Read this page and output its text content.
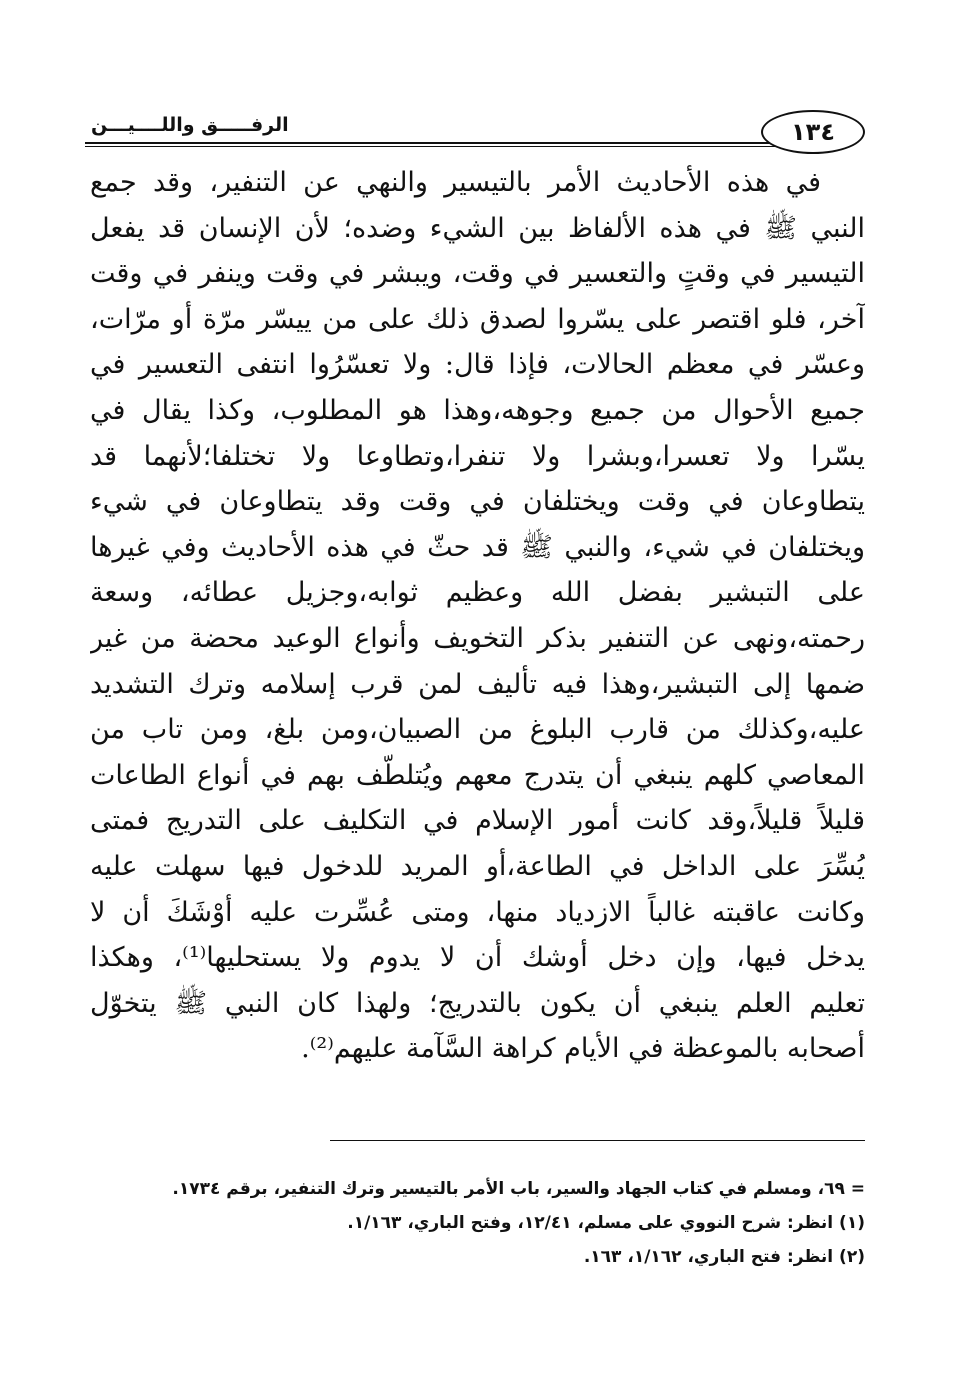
١٣٤
الرفـــــق واللــــيـــن
في هذه الأحاديث الأمر بالتيسير والنهي عن التنفير، وقد جمع
النبي ﷺ في هذه الألفاظ بين الشيء وضده؛ لأن الإنسان قد يفعل
التيسير في وقتٍ والتعسير في وقت، ويبشر في وقت وينفر في وقت
آخر، فلو اقتصر على يسّروا لصدق ذلك على من ييسّر مرّة أو مرّات،
وعسّر في معظم الحالات، فإذا قال: ولا تعسّرُوا انتفى التعسير في
جميع الأحوال من جميع وجوهه،وهذا هو المطلوب، وكذا يقال في
يسّرا ولا تعسرا،وبشرا ولا تنفرا،وتطاوعا ولا تختلفا؛لأنهما قد
يتطاوعان في وقت ويختلفان في وقت وقد يتطاوعان في شيء
ويختلفان في شيء، والنبي ﷺ قد حثّ في هذه الأحاديث وفي غيرها
على التبشير بفضل الله وعظيم ثوابه،وجزيل عطائه، وسعة
رحمته،ونهى عن التنفير بذكر التخويف وأنواع الوعيد محضة من غير
ضمها إلى التبشير،وهذا فيه تأليف لمن قرب إسلامه وترك التشديد
عليه،وكذلك من قارب البلوغ من الصبيان،ومن بلغ، ومن تاب من
المعاصي كلهم ينبغي أن يتدرج معهم ويُتلطّف بهم في أنواع الطاعات
قليلاً قليلاً،وقد كانت أمور الإسلام في التكليف على التدريج فمتى
يُسِّرَ على الداخل في الطاعة،أو المريد للدخول فيها سهلت عليه
وكانت عاقبته غالباً الازدياد منها، ومتى عُسِّرت عليه أوْشَكَ أن لا
يدخل فيها، وإن دخل أوشك أن لا يدوم ولا يستحليها⁽¹⁾، وهكذا
تعليم العلم ينبغي أن يكون بالتدريج؛ ولهذا كان النبي ﷺ يتخوّل
أصحابه بالموعظة في الأيام كراهة السَّآمة عليهم⁽²⁾.
= ٦٩، ومسلم في كتاب الجهاد والسير، باب الأمر بالتيسير وترك التنفير، برقم ١٧٣٤.
(١) انظر: شرح النووي على مسلم، ١٢/٤١، وفتح الباري، ١/١٦٣.
(٢) انظر: فتح الباري، ١/١٦٢، ١٦٣.
